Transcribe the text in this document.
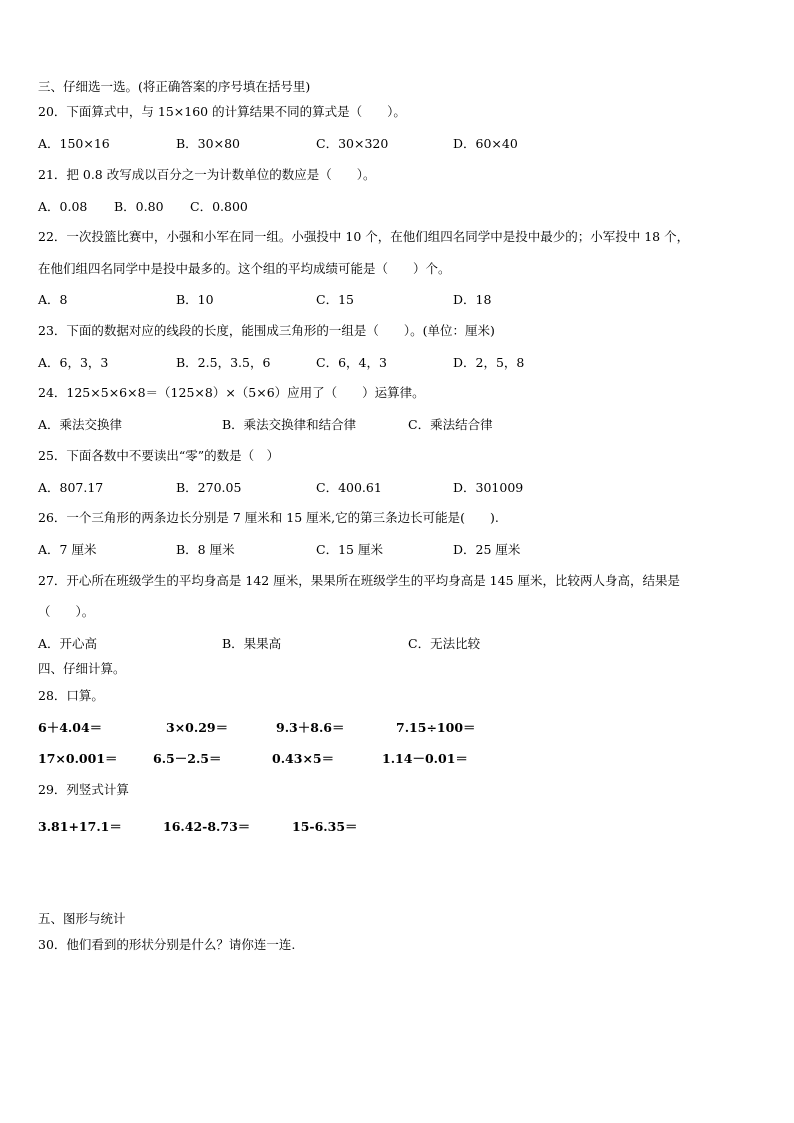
三、仔细选一选。(将正确答案的序号填在括号里)
20．下面算式中，与 15×160 的计算结果不同的算式是（　　）。
A．150×16	B．30×80	C．30×320	D．60×40
21．把 0.8 改写成以百分之一为计数单位的数应是（　　）。
A．0.08 B．0.80 C．0.800
22．一次投篮比赛中，小强和小军在同一组。小强投中 10 个，在他们组四名同学中是投中最少的；小军投中 18 个，
在他们组四名同学中是投中最多的。这个组的平均成绩可能是（　　）个。
A．8	B．10	C．15	D．18
23．下面的数据对应的线段的长度，能围成三角形的一组是（　　）。(单位：厘米)
A．6，3，3	B．2.5，3.5，6	C．6，4，3	D．2，5，8
24．125×5×6×8＝（125×8）×（5×6）应用了（　　）运算律。
A．乘法交换律	B．乘法交换律和结合律	C．乘法结合律
25．下面各数中不要读出“零”的数是（　）
A．807.17	B．270.05	C．400.61	D．301009
26．一个三角形的两条边长分别是 7 厘米和 15 厘米,它的第三条边长可能是(　　).
A．7 厘米	B．8 厘米	C．15 厘米	D．25 厘米
27．开心所在班级学生的平均身高是 142 厘米，果果所在班级学生的平均身高是 145 厘米，比较两人身高，结果是
（　　）。
A．开心高	B．果果高	C．无法比较
四、仔细计算。
28．口算。
6＋4.04＝	3×0.29＝	9.3＋8.6＝	7.15÷100＝
17×0.001＝	6.5－2.5＝	0.43×5＝	1.14－0.01＝
29．列竖式计算
3.81+17.1＝	16.42-8.73＝	15-6.35＝
五、图形与统计
30．他们看到的形状分别是什么？请你连一连.
